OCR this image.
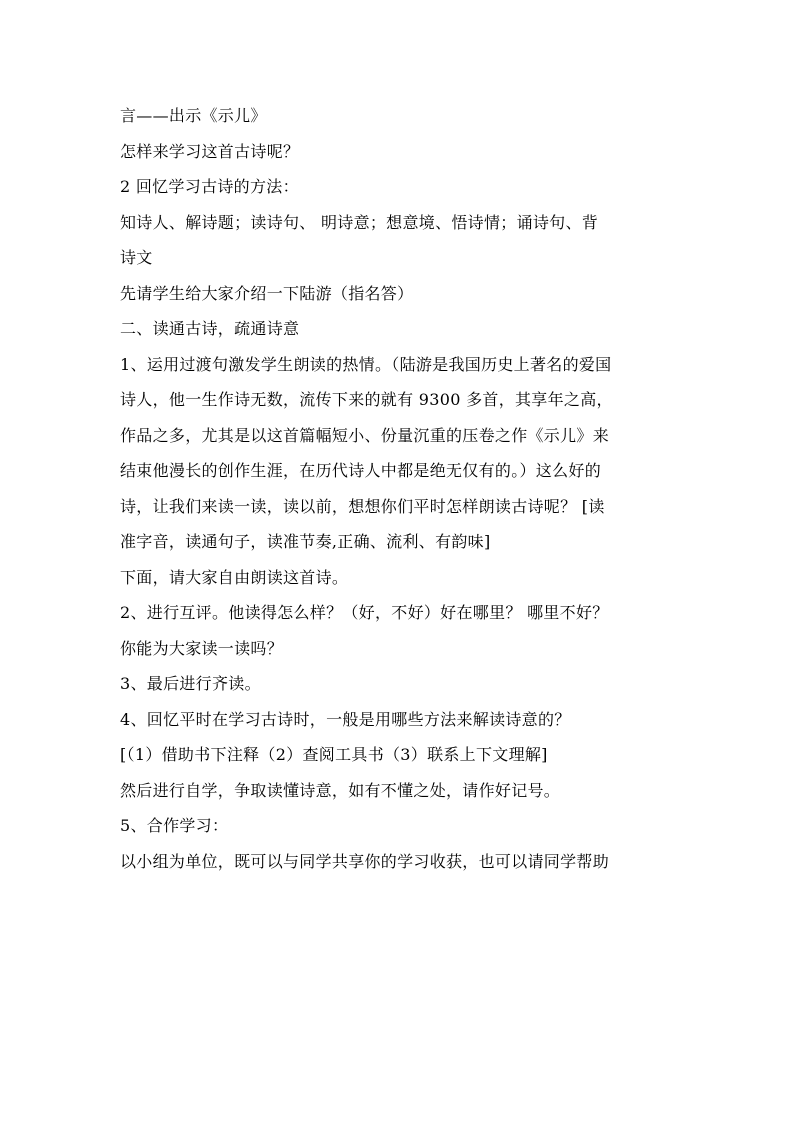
言——出示《示儿》

怎样来学习这首古诗呢？

2 回忆学习古诗的方法：

知诗人、解诗题；读诗句、 明诗意；想意境、悟诗情；诵诗句、背

诗文

先请学生给大家介绍一下陆游（指名答）

二、读通古诗，疏通诗意

1、运用过渡句激发学生朗读的热情。（陆游是我国历史上著名的爱国

诗人，他一生作诗无数，流传下来的就有 9300 多首，其享年之高，

作品之多，尤其是以这首篇幅短小、份量沉重的压卷之作《示儿》来

结束他漫长的创作生涯，在历代诗人中都是绝无仅有的。）这么好的

诗，让我们来读一读，读以前，想想你们平时怎样朗读古诗呢？ [读

准字音，读通句子，读准节奏,正确、流利、有韵味]

下面，请大家自由朗读这首诗。

2、进行互评。他读得怎么样？（好，不好）好在哪里？ 哪里不好？

你能为大家读一读吗？

3、最后进行齐读。

4、回忆平时在学习古诗时，一般是用哪些方法来解读诗意的？

[（1）借助书下注释（2）查阅工具书（3）联系上下文理解]

然后进行自学，争取读懂诗意，如有不懂之处，请作好记号。

5、合作学习：

以小组为单位，既可以与同学共享你的学习收获，也可以请同学帮助
